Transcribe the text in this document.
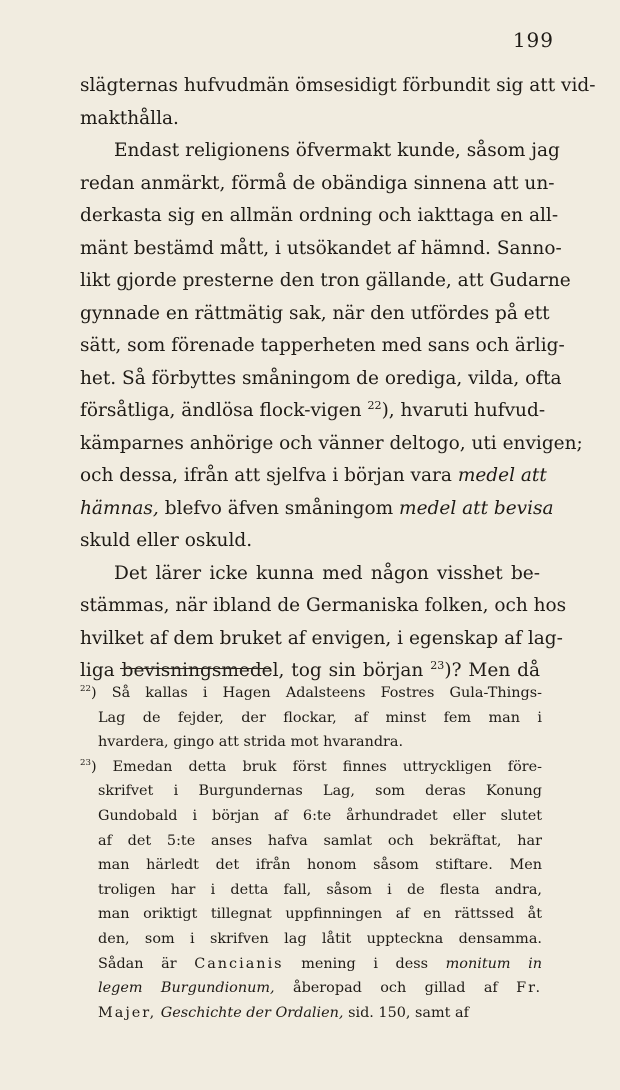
199
slägternas hufvudmän ömsesidigt förbundit sig att vid-
makthålla.
Endast religionens öfvermakt kunde, såsom jag
redan anmärkt, förmå de obändiga sinnena att un-
derkasta sig en allmän ordning och iakttaga en all-
mänt bestämd mått, i utsökandet af hämnd. Sanno-
likt gjorde presterne den tron gällande, att Gudarne
gynnade en rättmätig sak, när den utfördes på ett
sätt, som förenade tapperheten med sans och ärlig-
het. Så förbyttes småningom de orediga, vilda, ofta
försåtliga, ändlösa flock-vigen $^{22}$), hvaruti hufvud-
kämparnes anhörige och vänner deltogo, uti envigen;
och dessa, ifrån att sjelfva i början vara medel att
hämnas, blefvo äfven småningom medel att bevisa
skuld eller oskuld.
Det lärer icke kunna med någon visshet be-
stämmas, när ibland de Germaniska folken, och hos
hvilket af dem bruket af envigen, i egenskap af lag-
liga bevisningsmedel, tog sin början $^{23}$)? Men då
$^{22}$) Så kallas i Hagen Adalsteens Fostres Gula-Things-
Lag de fejder, der flockar, af minst fem man i
hvardera, gingo att strida mot hvarandra.
$^{23}$) Emedan detta bruk först finnes uttryckligen före-
skrifvet i Burgundernas Lag, som deras Konung
Gundobald i början af 6:te århundradet eller slutet
af det 5:te anses hafva samlat och bekräftat, har
man härledt det ifrån honom såsom stiftare. Men
troligen har i detta fall, såsom i de flesta andra,
man oriktigt tillegnat uppfinningen af en rättssed åt
den, som i skrifven lag låtit upptecknа densamma.
Sådan är Cancianis mening i dess monitum in
legem Burgundionum, åberopad och gillad af Fr.
Majer, Geschichte der Ordalien, sid. 150, samt af
